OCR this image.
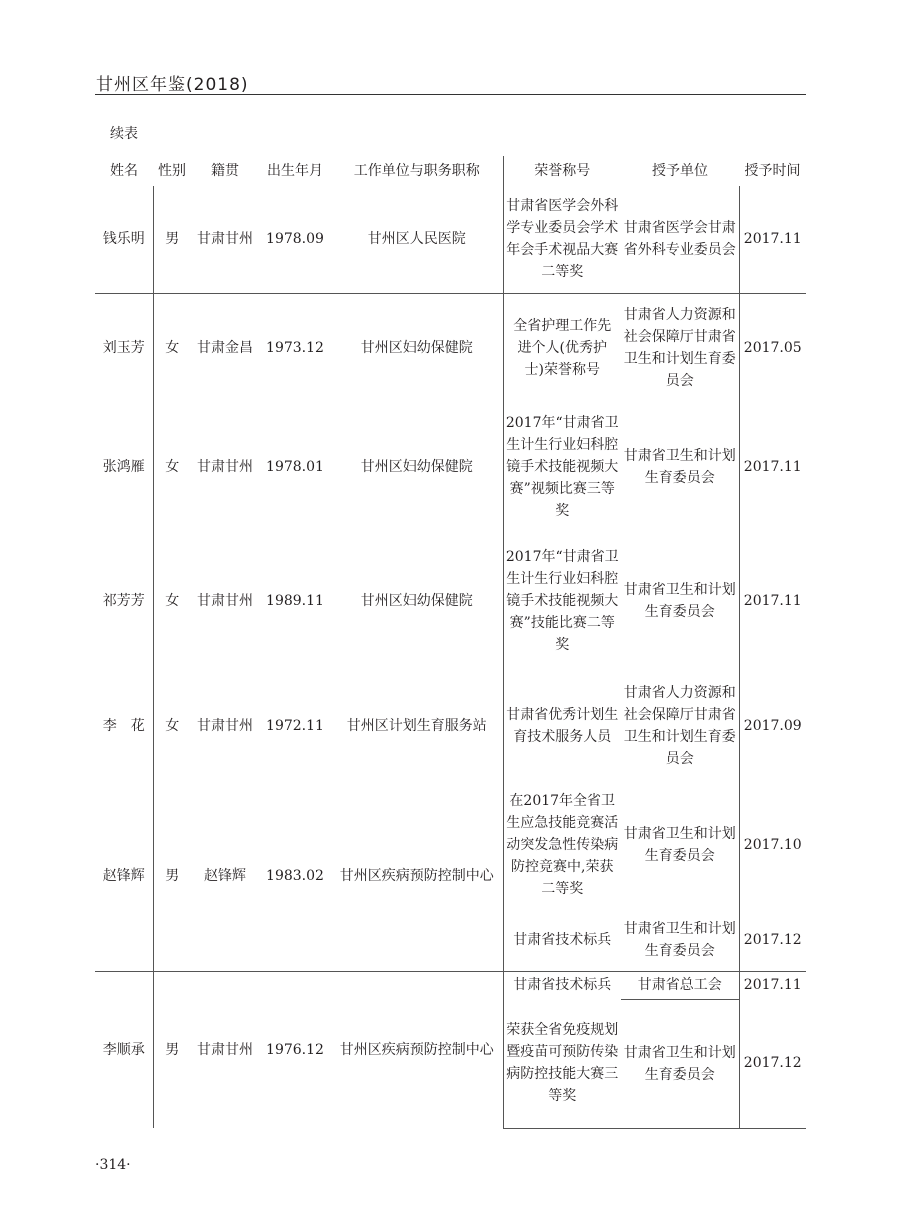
甘州区年鉴(2018)
续表
姓名	性别	籍贯	出生年月	工作单位与职务职称	荣誉称号	授予单位	授予时间
钱乐明	男	甘肃甘州	1978.09	甘州区人民医院	甘肃省医学会外科学专业委员会学术年会手术视品大赛二等奖	甘肃省医学会甘肃省外科专业委员会	2017.11
刘玉芳	女	甘肃金昌	1973.12	甘州区妇幼保健院	全省护理工作先进个人(优秀护士)荣誉称号	甘肃省人力资源和社会保障厅甘肃省卫生和计划生育委员会	2017.05
张鸿雁	女	甘肃甘州	1978.01	甘州区妇幼保健院	2017年“甘肃省卫生计生行业妇科腔镜手术技能视频大赛”视频比赛三等奖	甘肃省卫生和计划生育委员会	2017.11
祁芳芳	女	甘肃甘州	1989.11	甘州区妇幼保健院	2017年“甘肃省卫生计生行业妇科腔镜手术技能视频大赛”技能比赛二等奖	甘肃省卫生和计划生育委员会	2017.11
李　花	女	甘肃甘州	1972.11	甘州区计划生育服务站	甘肃省优秀计划生育技术服务人员	甘肃省人力资源和社会保障厅甘肃省卫生和计划生育委员会	2017.09
赵锋辉	男	赵锋辉	1983.02	甘州区疾病预防控制中心	在2017年全省卫生应急技能竞赛活动突发急性传染病防控竞赛中,荣获二等奖	甘肃省卫生和计划生育委员会	2017.10
					甘肃省技术标兵	甘肃省卫生和计划生育委员会	2017.12
李顺承	男	甘肃甘州	1976.12	甘州区疾病预防控制中心	甘肃省技术标兵	甘肃省总工会	2017.11
					荣获全省免疫规划暨疫苗可预防传染病防控技能大赛三等奖	甘肃省卫生和计划生育委员会	2017.12
·314·
